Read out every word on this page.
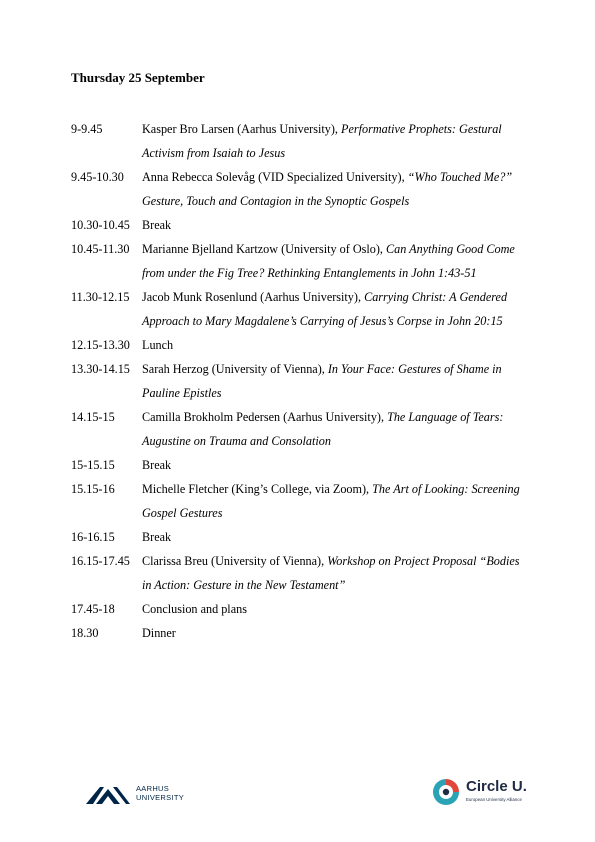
Thursday 25 September
9-9.45	Kasper Bro Larsen (Aarhus University), Performative Prophets: Gestural Activism from Isaiah to Jesus
9.45-10.30	Anna Rebecca Solevåg (VID Specialized University), “Who Touched Me?” Gesture, Touch and Contagion in the Synoptic Gospels
10.30-10.45 Break
10.45-11.30	Marianne Bjelland Kartzow (University of Oslo), Can Anything Good Come from under the Fig Tree? Rethinking Entanglements in John 1:43-51
11.30-12.15	Jacob Munk Rosenlund (Aarhus University), Carrying Christ: A Gendered Approach to Mary Magdalene’s Carrying of Jesus’s Corpse in John 20:15
12.15-13.30 Lunch
13.30-14.15 Sarah Herzog (University of Vienna), In Your Face: Gestures of Shame in Pauline Epistles
14.15-15	Camilla Brokholm Pedersen (Aarhus University), The Language of Tears: Augustine on Trauma and Consolation
15-15.15	Break
15.15-16	Michelle Fletcher (King’s College, via Zoom), The Art of Looking: Screening Gospel Gestures
16-16.15	Break
16.15-17.45 Clarissa Breu (University of Vienna), Workshop on Project Proposal “Bodies in Action: Gesture in the New Testament”
17.45-18	Conclusion and plans
18.30	Dinner
AARHUS
UNIVERSITY
Circle U.
European University Alliance
